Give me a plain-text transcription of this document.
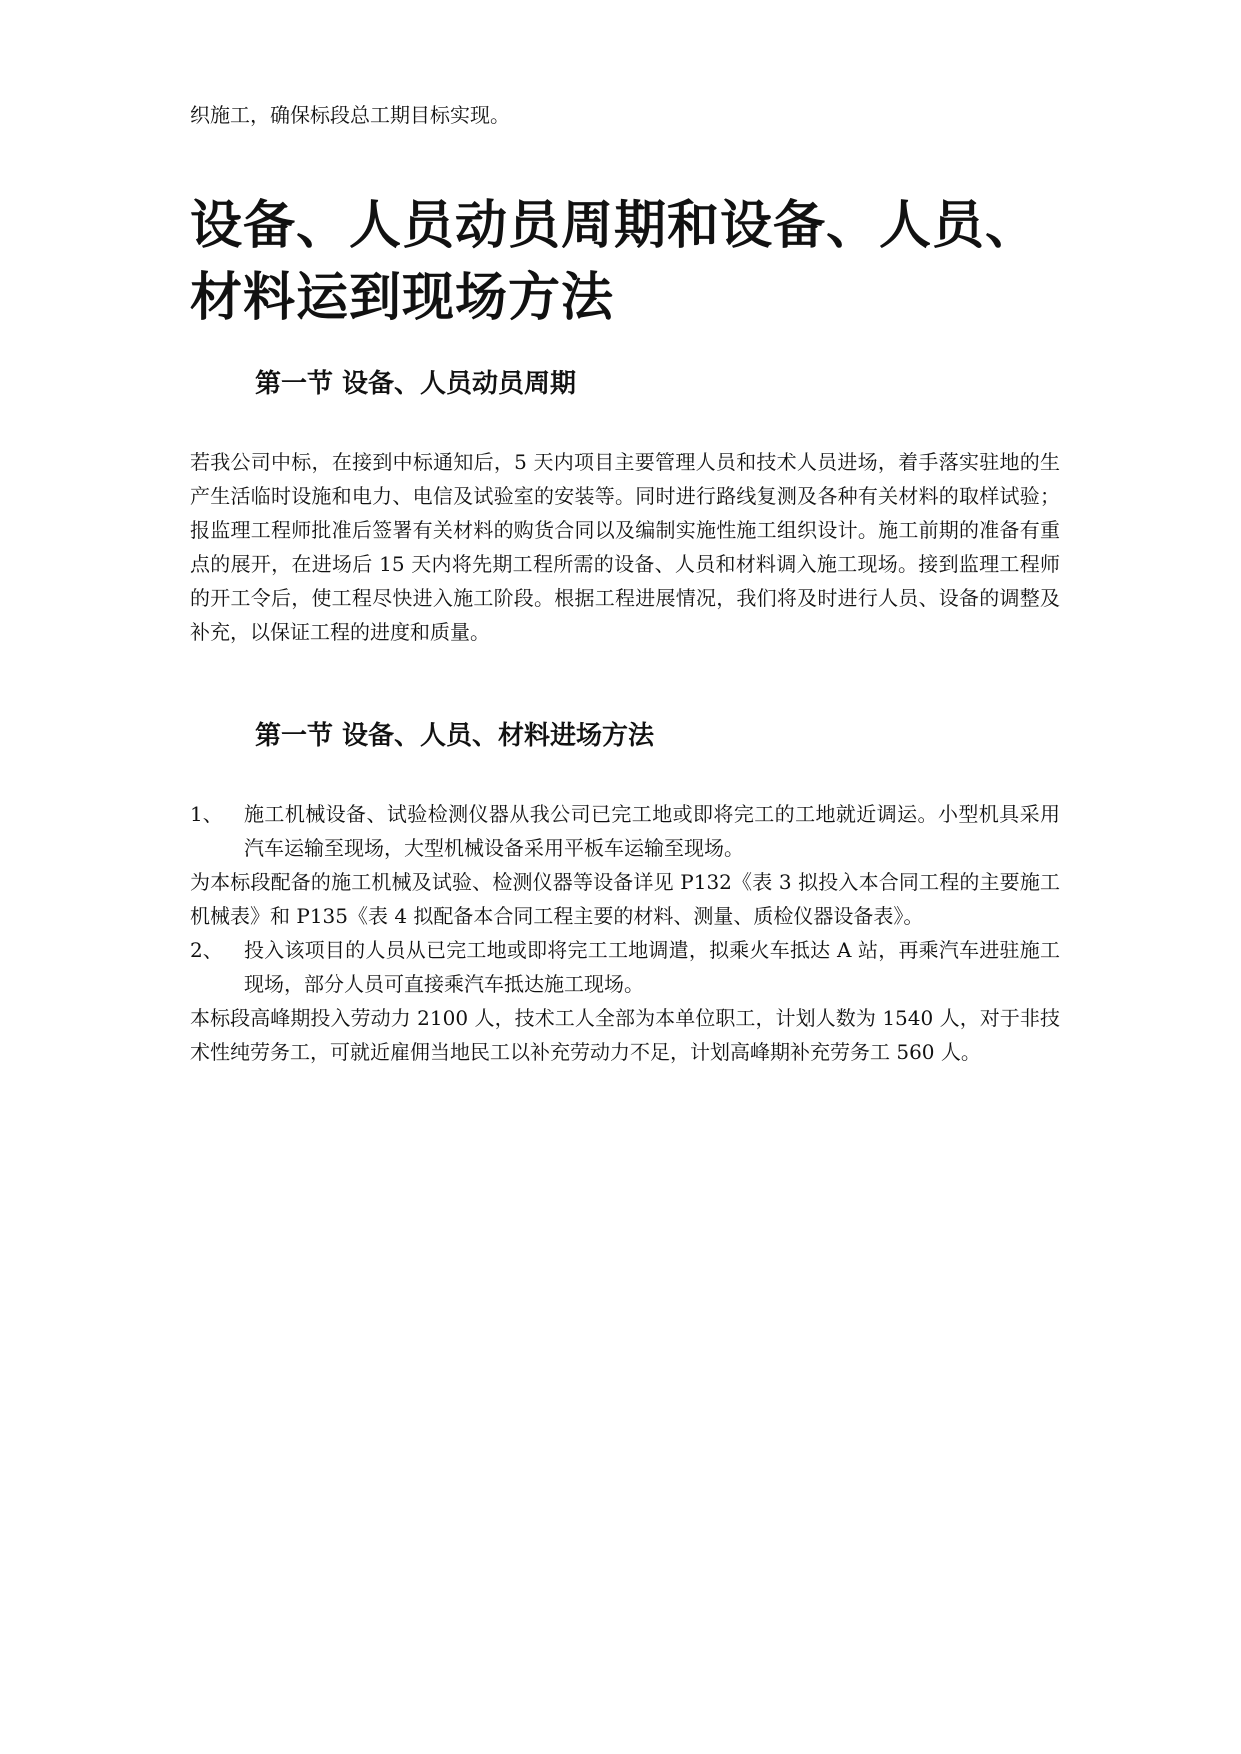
织施工，确保标段总工期目标实现。

设备、人员动员周期和设备、人员、材料运到现场方法
第一节 设备、人员动员周期

若我公司中标，在接到中标通知后，5 天内项目主要管理人员和技术人员进场，着手落实驻地的生产生活临时设施和电力、电信及试验室的安装等。同时进行路线复测及各种有关材料的取样试验；报监理工程师批准后签署有关材料的购货合同以及编制实施性施工组织设计。施工前期的准备有重点的展开，在进场后 15 天内将先期工程所需的设备、人员和材料调入施工现场。接到监理工程师的开工令后，使工程尽快进入施工阶段。根据工程进展情况，我们将及时进行人员、设备的调整及补充，以保证工程的进度和质量。

第一节 设备、人员、材料进场方法
1、	施工机械设备、试验检测仪器从我公司已完工地或即将完工的工地就近调运。小型机具采用汽车运输至现场，大型机械设备采用平板车运输至现场。

为本标段配备的施工机械及试验、检测仪器等设备详见 P132《表 3 拟投入本合同工程的主要施工机械表》和 P135《表 4 拟配备本合同工程主要的材料、测量、质检仪器设备表》。

2、	投入该项目的人员从已完工地或即将完工工地调遣，拟乘火车抵达 A 站，再乘汽车进驻施工现场，部分人员可直接乘汽车抵达施工现场。

本标段高峰期投入劳动力 2100 人，技术工人全部为本单位职工，计划人数为 1540 人，对于非技术性纯劳务工，可就近雇佣当地民工以补充劳动力不足，计划高峰期补充劳务工 560 人。
